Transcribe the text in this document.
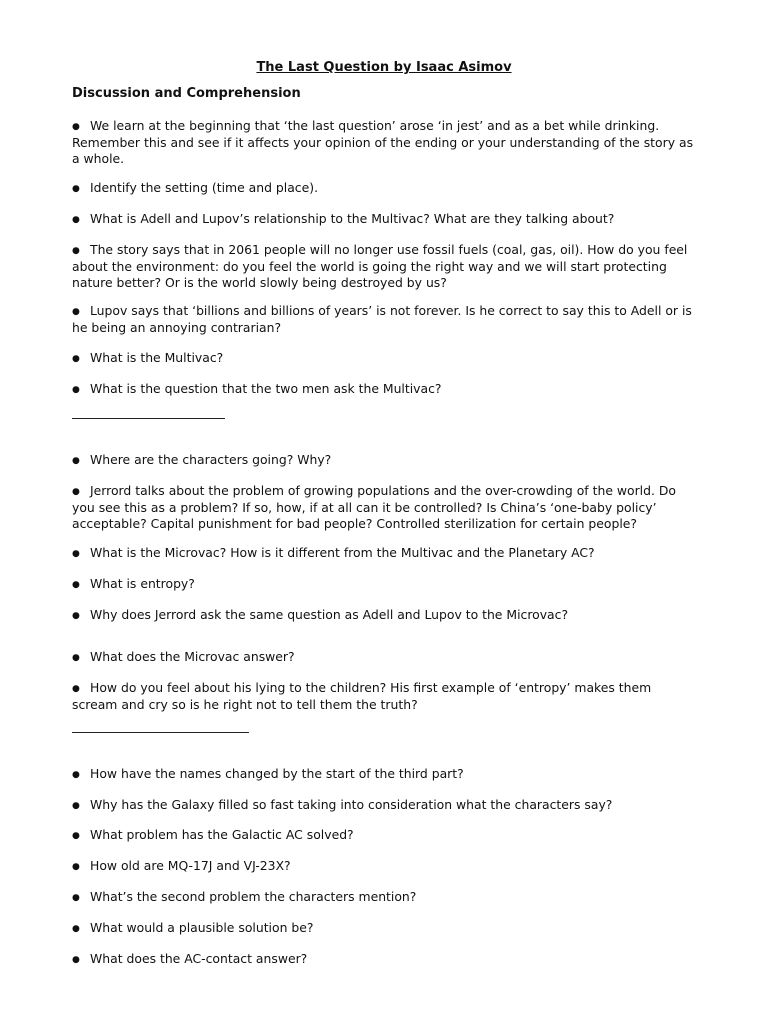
The Last Question by Isaac Asimov
Discussion and Comprehension

● We learn at the beginning that ‘the last question’ arose ‘in jest’ and as a bet while drinking. Remember this and see if it affects your opinion of the ending or your understanding of the story as a whole.

● Identify the setting (time and place).

● What is Adell and Lupov’s relationship to the Multivac? What are they talking about?

● The story says that in 2061 people will no longer use fossil fuels (coal, gas, oil). How do you feel about the environment: do you feel the world is going the right way and we will start protecting nature better? Or is the world slowly being destroyed by us?

● Lupov says that ‘billions and billions of years’ is not forever. Is he correct to say this to Adell or is he being an annoying contrarian?

● What is the Multivac?

● What is the question that the two men ask the Multivac?

● Where are the characters going? Why?

● Jerrord talks about the problem of growing populations and the over-crowding of the world. Do you see this as a problem? If so, how, if at all can it be controlled? Is China’s ‘one-baby policy’ acceptable? Capital punishment for bad people? Controlled sterilization for certain people?

● What is the Microvac? How is it different from the Multivac and the Planetary AC?

● What is entropy?

● Why does Jerrord ask the same question as Adell and Lupov to the Microvac?

● What does the Microvac answer?

● How do you feel about his lying to the children? His first example of ‘entropy’ makes them scream and cry so is he right not to tell them the truth?

● How have the names changed by the start of the third part?

● Why has the Galaxy filled so fast taking into consideration what the characters say?

● What problem has the Galactic AC solved?

● How old are MQ-17J and VJ-23X?

● What’s the second problem the characters mention?

● What would a plausible solution be?

● What does the AC-contact answer?
